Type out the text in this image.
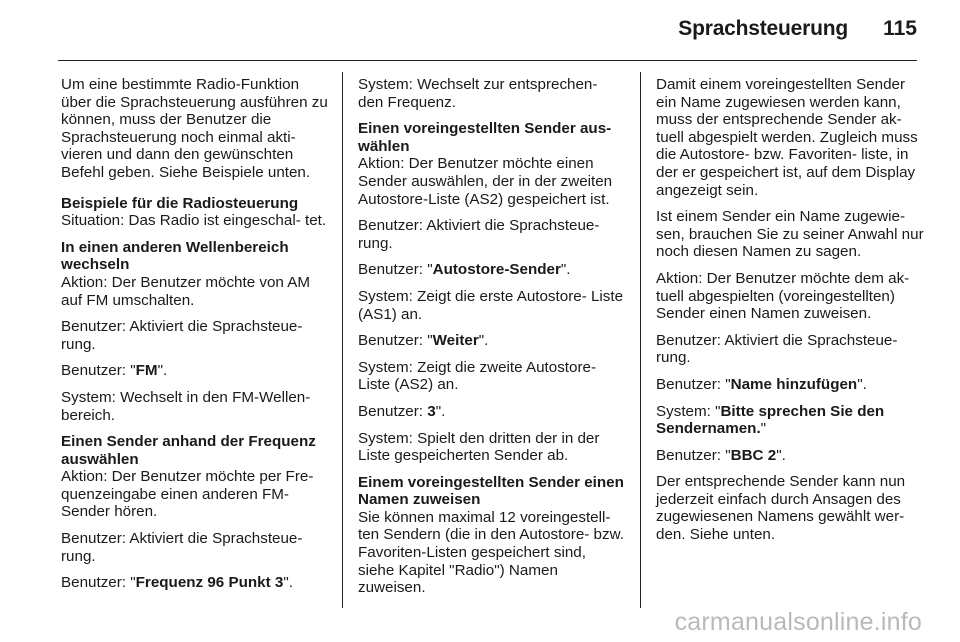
Sprachsteuerung 115

Um eine bestimmte Radio-Funktion über die Sprachsteuerung ausführen zu können, muss der Benutzer die Sprachsteuerung noch einmal akti- vieren und dann den gewünschten Befehl geben. Siehe Beispiele unten.

Beispiele für die Radiosteuerung

Situation: Das Radio ist eingeschal- tet.

In einen anderen Wellenbereich wechseln

Aktion: Der Benutzer möchte von AM auf FM umschalten.

Benutzer: Aktiviert die Sprachsteue- rung.

Benutzer: "FM".

System: Wechselt in den FM-Wellen- bereich.

Einen Sender anhand der Frequenz auswählen

Aktion: Der Benutzer möchte per Fre- quenzeingabe einen anderen FM- Sender hören.

Benutzer: Aktiviert die Sprachsteue- rung.

Benutzer: "Frequenz 96 Punkt 3".

System: Wechselt zur entsprechen- den Frequenz.

Einen voreingestellten Sender aus- wählen

Aktion: Der Benutzer möchte einen Sender auswählen, der in der zweiten Autostore-Liste (AS2) gespeichert ist.

Benutzer: Aktiviert die Sprachsteue- rung.

Benutzer: "Autostore-Sender".

System: Zeigt die erste Autostore- Liste (AS1) an.

Benutzer: "Weiter".

System: Zeigt die zweite Autostore- Liste (AS2) an.

Benutzer: 3".

System: Spielt den dritten der in der Liste gespeicherten Sender ab.

Einem voreingestellten Sender einen Namen zuweisen

Sie können maximal 12 voreingestell- ten Sendern (die in den Autostore- bzw. Favoriten-Listen gespeichert sind, siehe Kapitel "Radio") Namen zuweisen.

Damit einem voreingestellten Sender ein Name zugewiesen werden kann, muss der entsprechende Sender ak- tuell abgespielt werden. Zugleich muss die Autostore- bzw. Favoriten- liste, in der er gespeichert ist, auf dem Display angezeigt sein.

Ist einem Sender ein Name zugewie- sen, brauchen Sie zu seiner Anwahl nur noch diesen Namen zu sagen.

Aktion: Der Benutzer möchte dem ak- tuell abgespielten (voreingestellten) Sender einen Namen zuweisen.

Benutzer: Aktiviert die Sprachsteue- rung.

Benutzer: "Name hinzufügen".

System: "Bitte sprechen Sie den Sendernamen."

Benutzer: "BBC 2".

Der entsprechende Sender kann nun jederzeit einfach durch Ansagen des zugewiesenen Namens gewählt wer- den. Siehe unten.

carmanualsonline.info
